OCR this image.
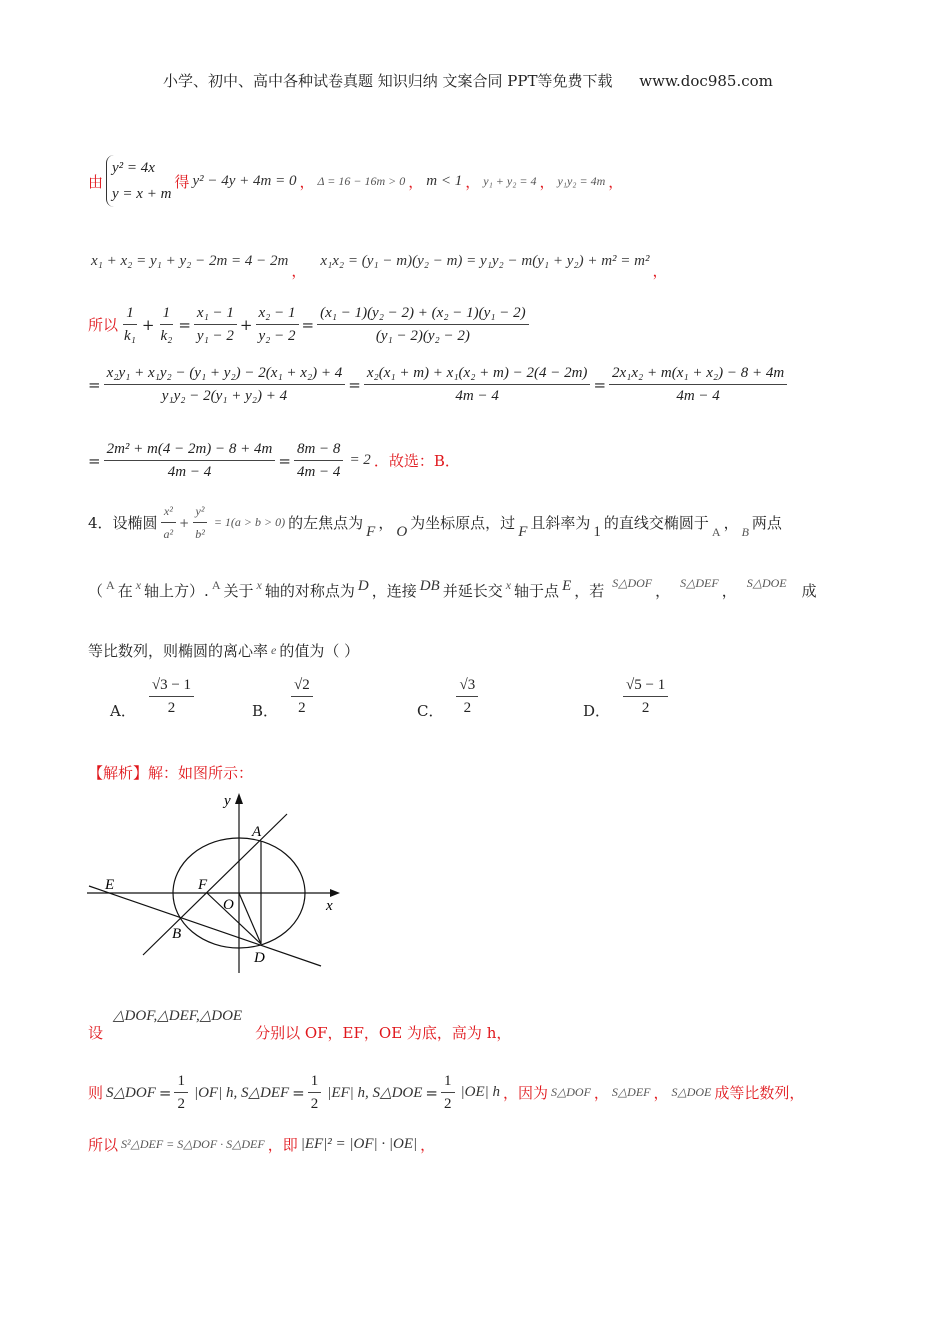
小学、初中、高中各种试卷真题 知识归纳 文案合同 PPT等免费下载 www.doc985.com
由
y² = 4x
y = x + m
得 y² − 4y + 4m = 0 ， Δ = 16 − 16m > 0 ， m < 1 ， y₁ + y₂ = 4 ， y₁y₂ = 4m ，
x₁ + x₂ = y₁ + y₂ − 2m = 4 − 2m
，
x₁x₂ = (y₁ − m)(y₂ − m) = y₁y₂ − m(y₁ + y₂) + m² = m²
，
所以 $\frac{1}{\text{k₁}} + \frac{1}{\text{k₂}} = \frac{\text{x₁ − 1}}{\text{y₁ − 2}} + \frac{\text{x₂ − 1}}{\text{y₂ − 2}} = \frac{\text{(x₁ − 1)(y₂ − 2) + (x₂ − 1)(y₁ − 2)}}{\text{(y₁ − 2)(y₂ − 2)}}$
= $\frac{\text{x₂y₁ + x₁y₂ − (y₁ + y₂) − 2(x₁ + x₂) + 4}}{\text{y₁y₂ − 2(y₁ + y₂) + 4}} = \frac{\text{x₂(x₁ + m) + x₁(x₂ + m) − 2(4 − 2m)}}{4m - 4} = \frac{\text{2x₁x₂ + m(x₁ + x₂) − 8 + 4m}}{4m - 4}$
= $\frac{\text{2m² + m(4 − 2m) − 8 + 4m}}{4m - 4} = \frac{8m - 8}{4m - 4} = 2$ ．故选：B．
4．设椭圆 $\frac{\text{x²}}{\text{a²}} + \frac{\text{y²}}{\text{b²}} = 1(a > b > 0)$ 的左焦点为 F ， O 为坐标原点，过 F 且斜率为 1 的直线交椭圆于 A ， B 两点
（ A 在 x 轴上方）. A 关于 x 轴的对称点为 D ，连接 DB 并延长交 x 轴于点 E ，若 S△DOF ， S△DEF ， S△DOE 成
等比数列，则椭圆的离心率 e 的值为（ ）
A． $\frac{√3 - 1}{2}$	B． $\frac{√2}{2}$	C． $\frac{√3}{2}$	D． $\frac{√5 - 1}{2}$
【解析】 解：如图所示：
y
x
A
B
D
E	F
O
设
△DOF,△DEF,△DOE
分别以 OF，EF，OE 为底，高为 h，
则 S△DOF = $\frac{1}{2} |OF|$ h, S△DEF = $\frac{1}{2} |EF|$ h, S△DOE = $\frac{1}{2} |OE|$ h ，因为 S△DOF ， S△DEF ， S△DOE 成等比数列，
所以 S²△DEF = S△DOF · S△DEF ，即 |EF|² = |OF| · |OE| ，
